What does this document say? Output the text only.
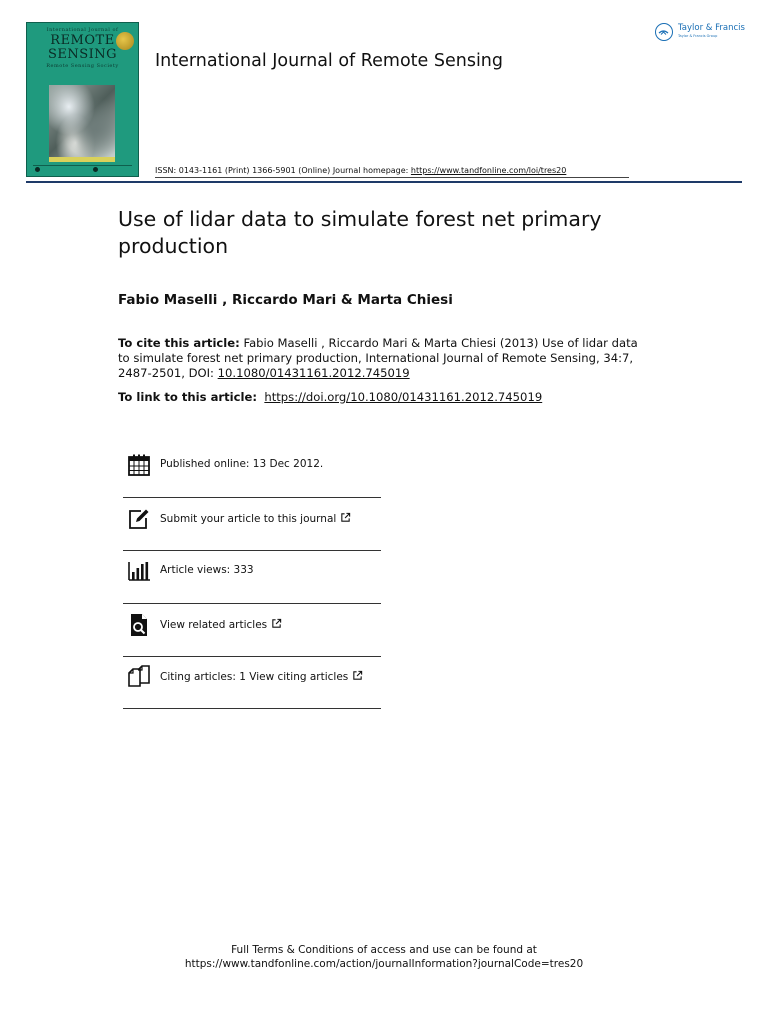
International Journal of
REMOTE
SENSING
Remote Sensing Society	International Journal of Remote Sensing
Taylor & Francis
Taylor & Francis Group
ISSN: 0143-1161 (Print) 1366-5901 (Online) Journal homepage: https://www.tandfonline.com/loi/tres20
Use of lidar data to simulate forest net primary production
Fabio Maselli , Riccardo Mari & Marta Chiesi
To cite this article: Fabio Maselli , Riccardo Mari & Marta Chiesi (2013) Use of lidar data to simulate forest net primary production, International Journal of Remote Sensing, 34:7, 2487-2501, DOI: 10.1080/01431161.2012.745019
To link to this article: https://doi.org/10.1080/01431161.2012.745019
Published online: 13 Dec 2012.
Submit your article to this journal
Article views: 333
View related articles
Citing articles: 1 View citing articles
Full Terms & Conditions of access and use can be found at
https://www.tandfonline.com/action/journalInformation?journalCode=tres20
